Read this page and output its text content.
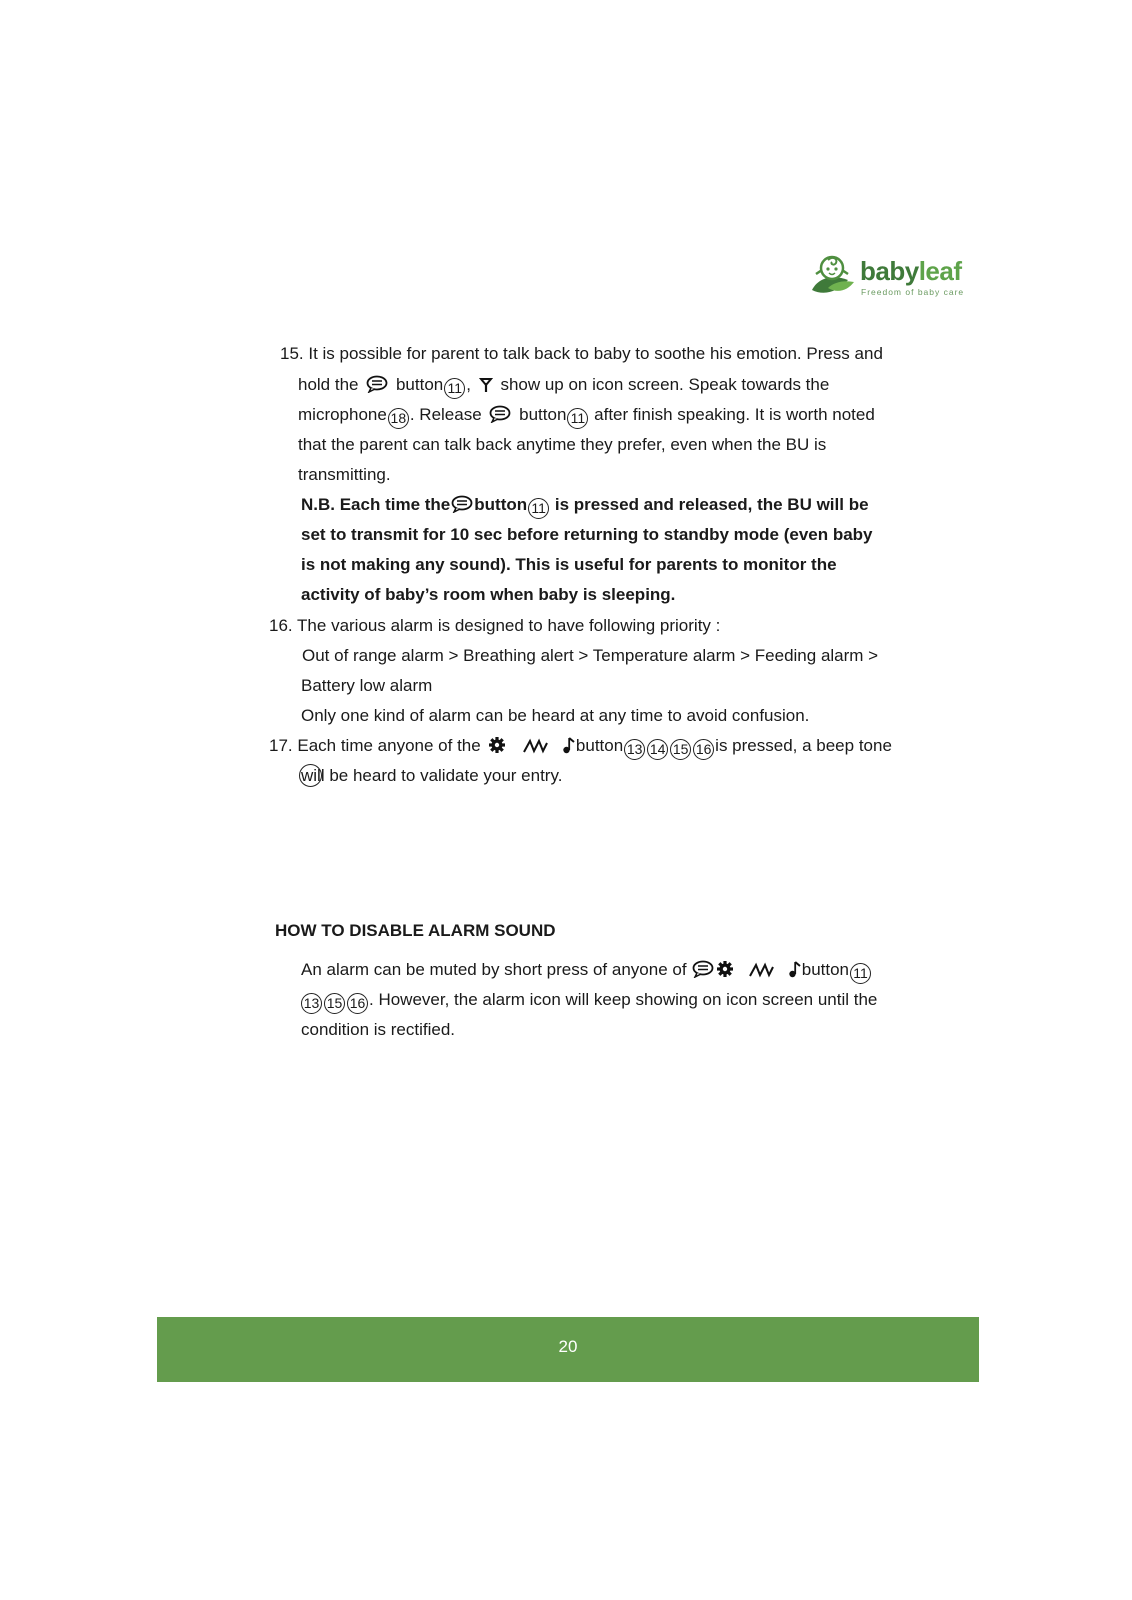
babyleaf
Freedom of baby care
15. It is possible for parent to talk back to baby to soothe his emotion. Press and
hold the button 11 , show up on icon screen. Speak towards the
microphone 18 . Release button 11 after finish speaking. It is worth noted
that the parent can talk back anytime they prefer, even when the BU is
transmitting.
N.B. Each time the button 11 is pressed and released, the BU will be
set to transmit for 10 sec before returning to standby mode (even baby
is not making any sound). This is useful for parents to monitor the
activity of baby’s room when baby is sleeping.
16. The various alarm is designed to have following priority :
Out of range alarm > Breathing alert > Temperature alarm > Feeding alarm >
Battery low alarm
Only one kind of alarm can be heard at any time to avoid confusion.
17. Each time anyone of the	button 13 14 15 16 is pressed, a beep tone
will be heard to validate your entry.
HOW TO DISABLE ALARM SOUND
An alarm can be muted by short press of anyone of	button 11
13 15 16 . However, the alarm icon will keep showing on icon screen until the
condition is rectified.
20
